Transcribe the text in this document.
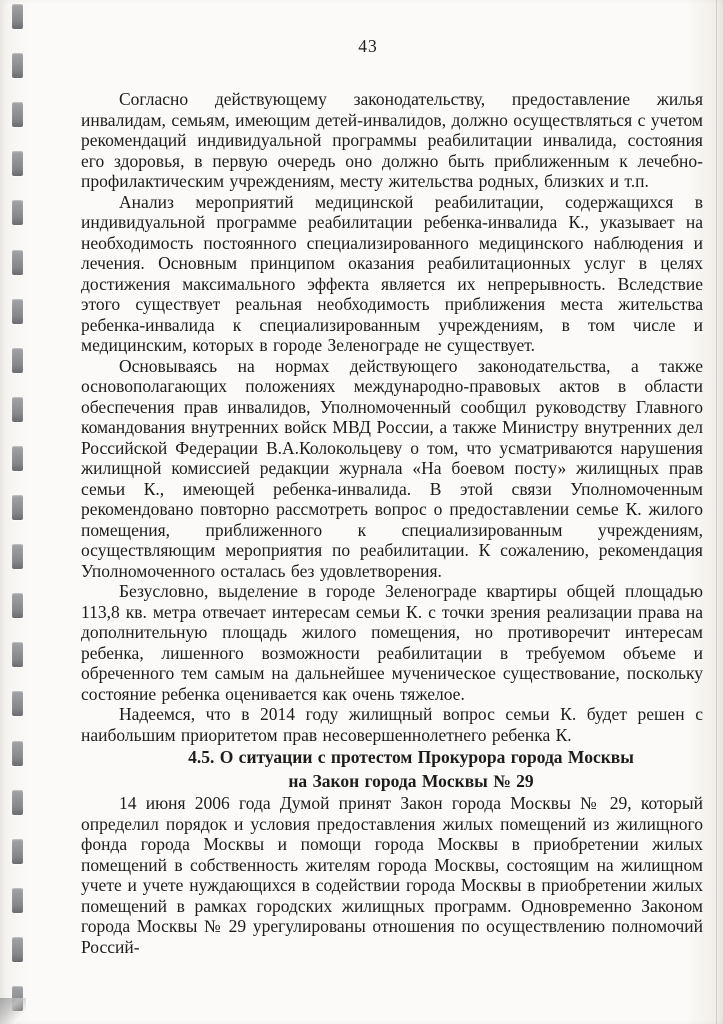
43

Согласно действующему законодательству, предоставление жилья инвалидам, семьям, имеющим детей-инвалидов, должно осуществляться с учетом рекомендаций индивидуальной программы реабилитации инвалида, состояния его здоровья, в первую очередь оно должно быть приближенным к лечебно-профилактическим учреждениям, месту жительства родных, близких и т.п.

Анализ мероприятий медицинской реабилитации, содержащихся в индивидуальной программе реабилитации ребенка-инвалида К., указывает на необходимость постоянного специализированного медицинского наблюдения и лечения. Основным принципом оказания реабилитационных услуг в целях достижения максимального эффекта является их непрерывность. Вследствие этого существует реальная необходимость приближения места жительства ребенка-инвалида к специализированным учреждениям, в том числе и медицинским, которых в городе Зеленограде не существует.

Основываясь на нормах действующего законодательства, а также основополагающих положениях международно-правовых актов в области обеспечения прав инвалидов, Уполномоченный сообщил руководству Главного командования внутренних войск МВД России, а также Министру внутренних дел Российской Федерации В.А.Колокольцеву о том, что усматриваются нарушения жилищной комиссией редакции журнала «На боевом посту» жилищных прав семьи К., имеющей ребенка-инвалида. В этой связи Уполномоченным рекомендовано повторно рассмотреть вопрос о предоставлении семье К. жилого помещения, приближенного к специализированным учреждениям, осуществляющим мероприятия по реабилитации. К сожалению, рекомендация Уполномоченного осталась без удовлетворения.

Безусловно, выделение в городе Зеленограде квартиры общей площадью 113,8 кв. метра отвечает интересам семьи К. с точки зрения реализации права на дополнительную площадь жилого помещения, но противоречит интересам ребенка, лишенного возможности реабилитации в требуемом объеме и обреченного тем самым на дальнейшее мученическое существование, поскольку состояние ребенка оценивается как очень тяжелое.

Надеемся, что в 2014 году жилищный вопрос семьи К. будет решен с наибольшим приоритетом прав несовершеннолетнего ребенка К.

4.5. О ситуации с протестом Прокурора города Москвы
на Закон города Москвы № 29

14 июня 2006 года Думой принят Закон города Москвы № 29, который определил порядок и условия предоставления жилых помещений из жилищного фонда города Москвы и помощи города Москвы в приобретении жилых помещений в собственность жителям города Москвы, состоящим на жилищном учете и учете нуждающихся в содействии города Москвы в приобретении жилых помещений в рамках городских жилищных программ. Одновременно Законом города Москвы № 29 урегулированы отношения по осуществлению полномочий Россий-
